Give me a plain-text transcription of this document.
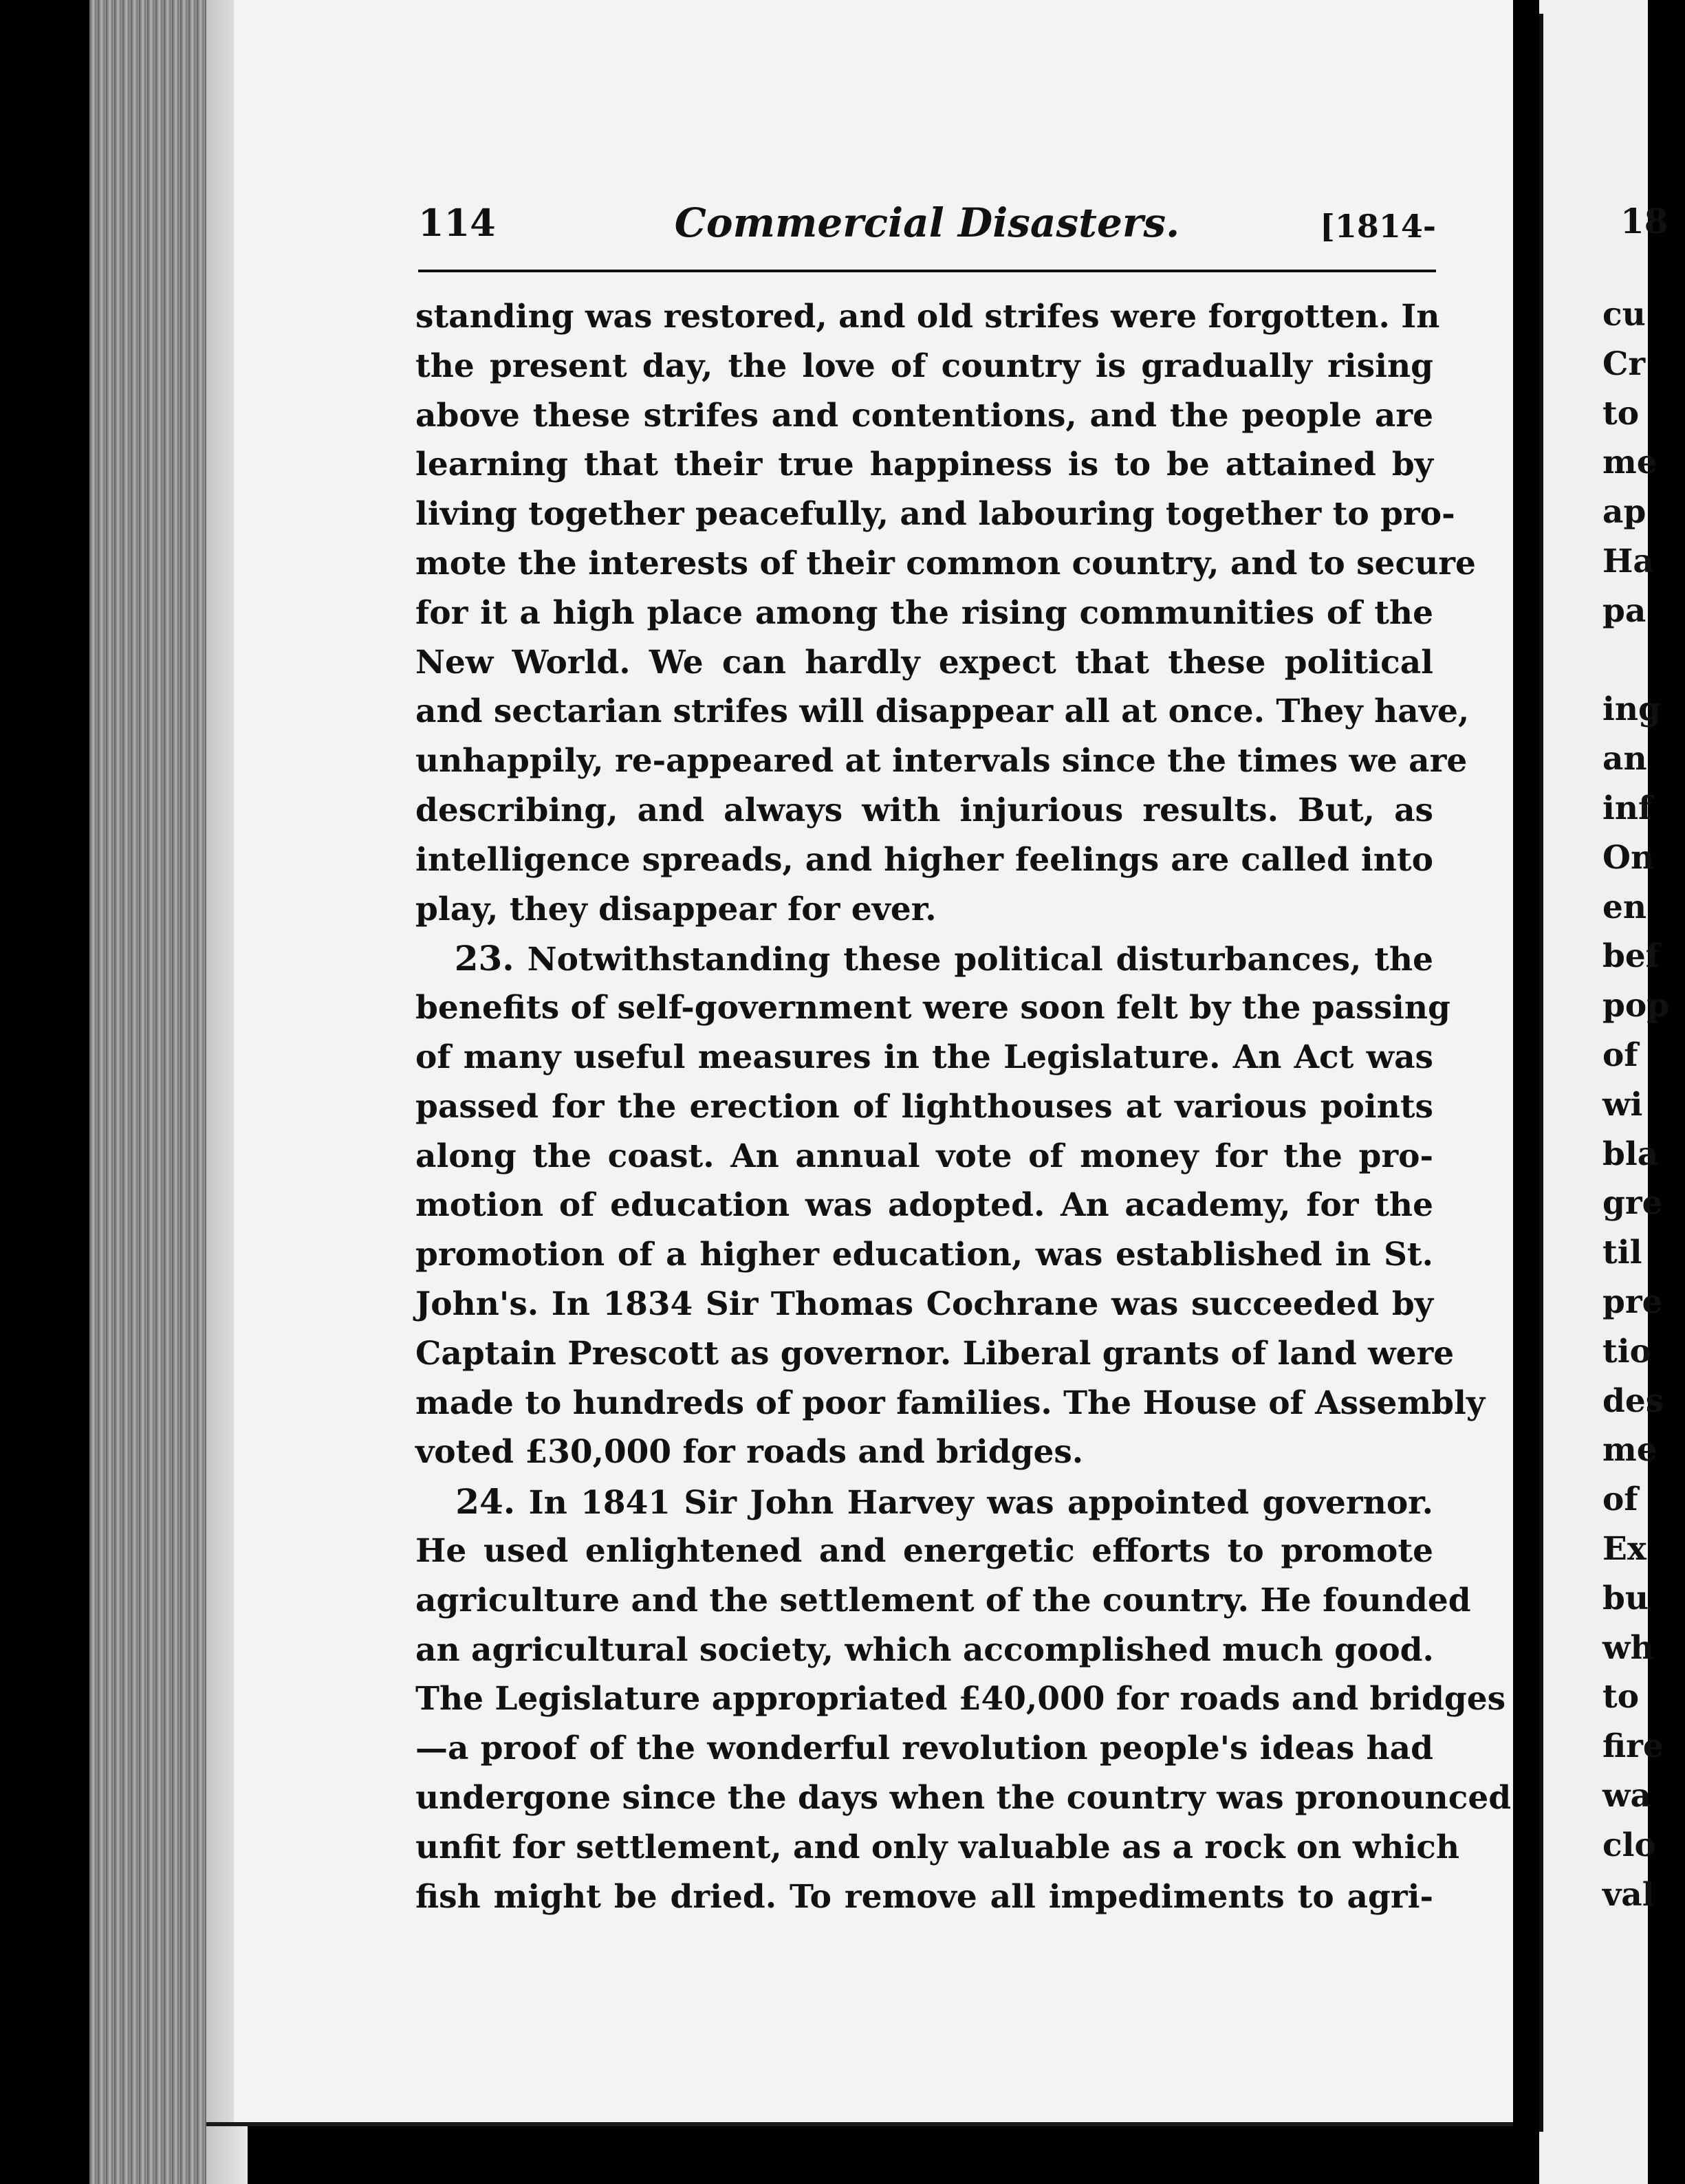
114	Commercial Disasters.	[1814-
standing was restored, and old strifes were forgotten. In
the present day, the love of country is gradually rising
above these strifes and contentions, and the people are
learning that their true happiness is to be attained by
living together peacefully, and labouring together to pro-
mote the interests of their common country, and to secure
for it a high place among the rising communities of the
New World. We can hardly expect that these political
and sectarian strifes will disappear all at once. They have,
unhappily, re-appeared at intervals since the times we are
describing, and always with injurious results. But, as
intelligence spreads, and higher feelings are called into
play, they disappear for ever.
23. Notwithstanding these political disturbances, the
benefits of self-government were soon felt by the passing
of many useful measures in the Legislature. An Act was
passed for the erection of lighthouses at various points
along the coast. An annual vote of money for the pro-
motion of education was adopted. An academy, for the
promotion of a higher education, was established in St.
John's. In 1834 Sir Thomas Cochrane was succeeded by
Captain Prescott as governor. Liberal grants of land were
made to hundreds of poor families. The House of Assembly
voted £30,000 for roads and bridges.
24. In 1841 Sir John Harvey was appointed governor.
He used enlightened and energetic efforts to promote
agriculture and the settlement of the country. He founded
an agricultural society, which accomplished much good.
The Legislature appropriated £40,000 for roads and bridges
—a proof of the wonderful revolution people's ideas had
undergone since the days when the country was pronounced
unfit for settlement, and only valuable as a rock on which
fish might be dried. To remove all impediments to agri-
18
cu
Cr
to
me
ap
Ha
pa
ing
an
inf
On
en
bef
pop
of
wi
bla
gre
til
pre
tio
des
me
of
Ex
bu
wh
to
fire
wa
clo
val
